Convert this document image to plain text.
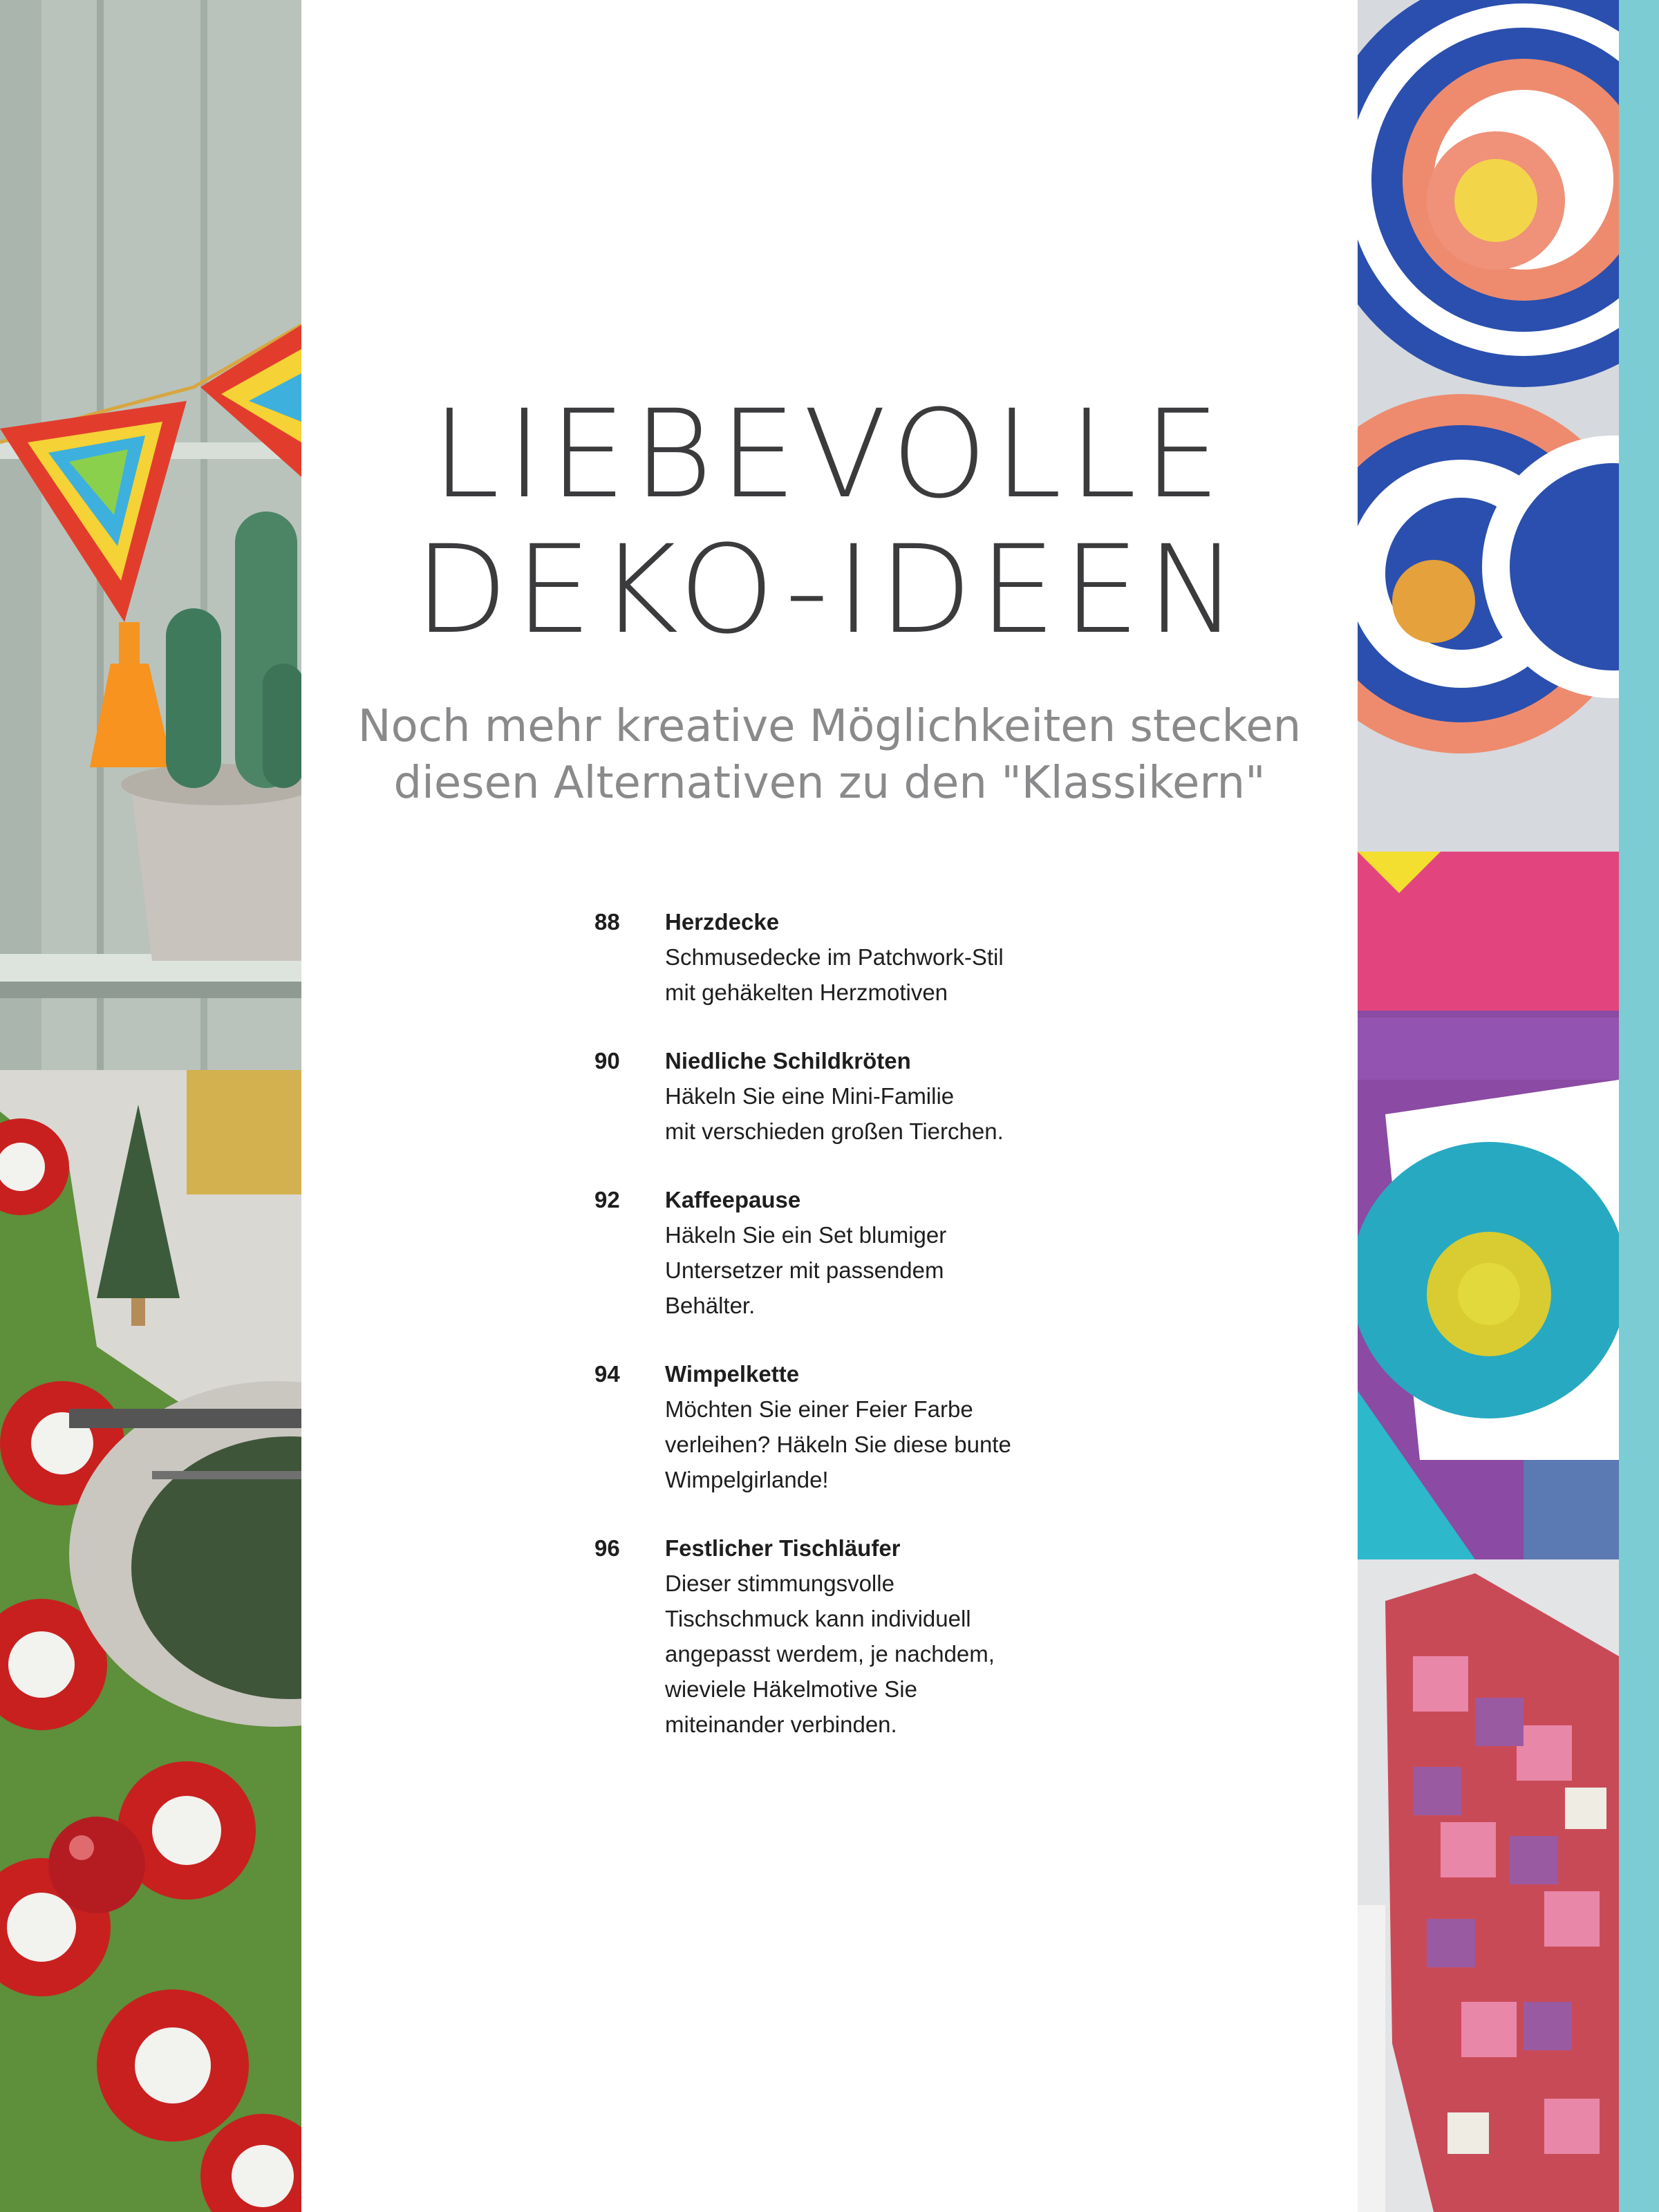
LIEBEVOLLE
DEKO-IDEEN

Noch mehr kreative Möglichkeiten stecken
diesen Alternativen zu den "Klassikern"

88	Herzdecke
Schmusedecke im Patchwork-Stil
mit gehäkelten Herzmotiven
90	Niedliche Schildkröten
Häkeln Sie eine Mini-Familie
mit verschieden großen Tierchen.
92	Kaffeepause
Häkeln Sie ein Set blumiger
Untersetzer mit passendem
Behälter.
94	Wimpelkette
Möchten Sie einer Feier Farbe
verleihen? Häkeln Sie diese bunte
Wimpelgirlande!
96	Festlicher Tischläufer
Dieser stimmungsvolle
Tischschmuck kann individuell
angepasst werdem, je nachdem,
wieviele Häkelmotive Sie
miteinander verbinden.
